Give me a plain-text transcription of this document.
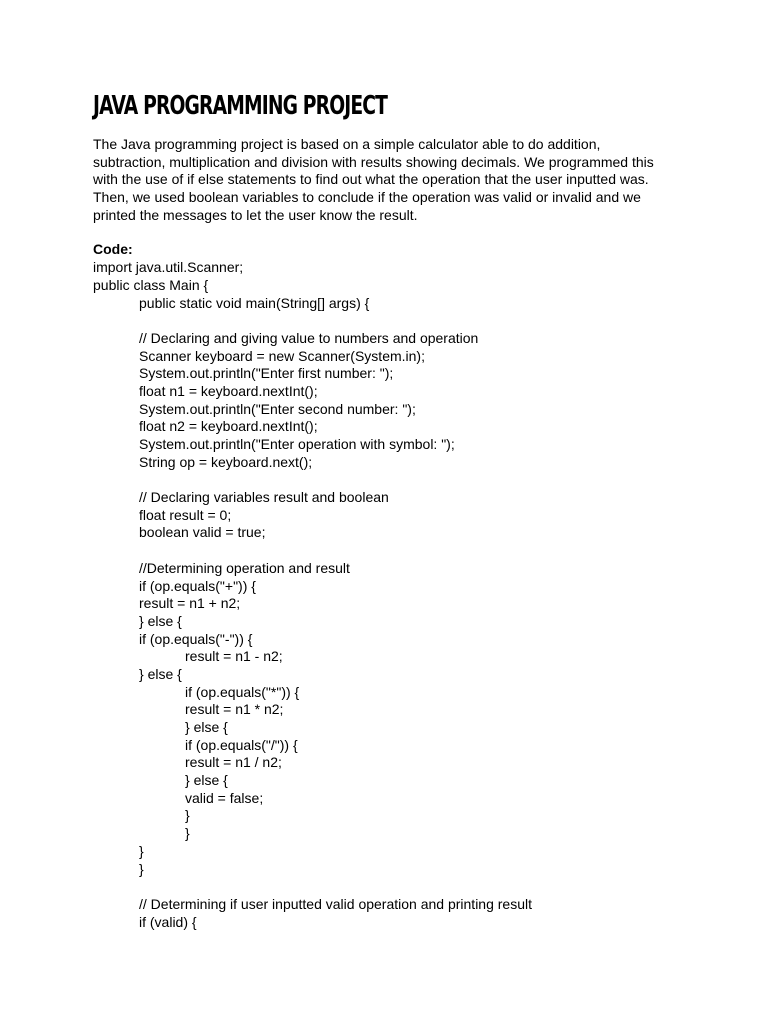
JAVA PROGRAMMING PROJECT
The Java programming project is based on a simple calculator able to do addition,
subtraction, multiplication and division with results showing decimals. We programmed this
with the use of if else statements to find out what the operation that the user inputted was.
Then, we used boolean variables to conclude if the operation was valid or invalid and we
printed the messages to let the user know the result.
Code:
import java.util.Scanner;
public class Main {
public static void main(String[] args) {
// Declaring and giving value to numbers and operation
Scanner keyboard = new Scanner(System.in);
System.out.println("Enter first number: ");
float n1 = keyboard.nextInt();
System.out.println("Enter second number: ");
float n2 = keyboard.nextInt();
System.out.println("Enter operation with symbol: ");
String op = keyboard.next();
// Declaring variables result and boolean
float result = 0;
boolean valid = true;
//Determining operation and result
if (op.equals("+")) {
result = n1 + n2;
} else {
if (op.equals("-")) {
result = n1 - n2;
} else {
if (op.equals("*")) {
result = n1 * n2;
} else {
if (op.equals("/")) {
result = n1 / n2;
} else {
valid = false;
}
}
}
}
// Determining if user inputted valid operation and printing result
if (valid) {
